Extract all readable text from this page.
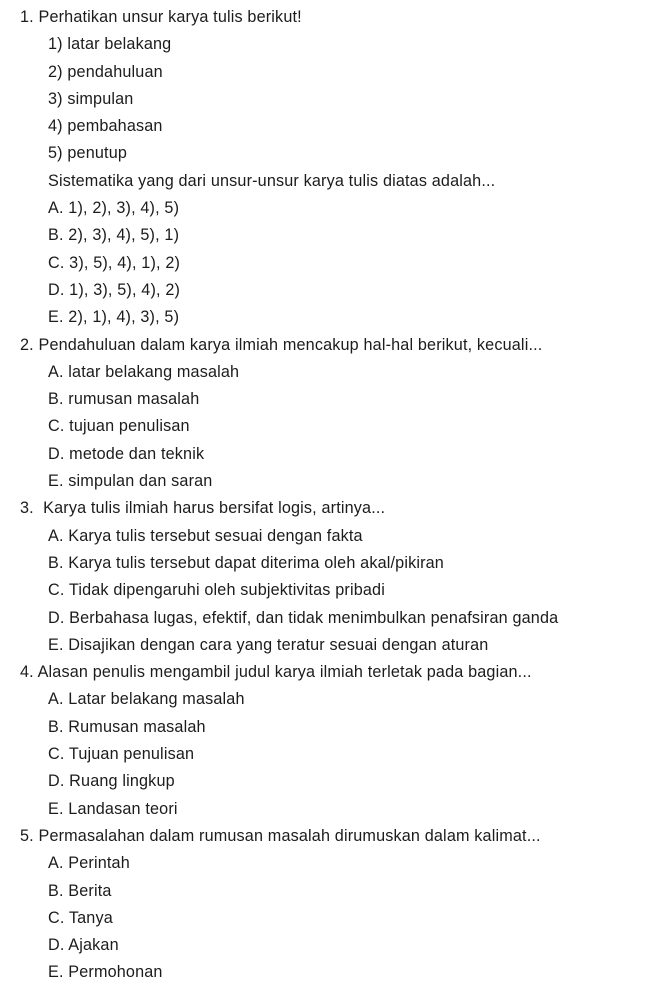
1. Perhatikan unsur karya tulis berikut!
1) latar belakang
2) pendahuluan
3) simpulan
4) pembahasan
5) penutup
Sistematika yang dari unsur-unsur karya tulis diatas adalah...
A. 1), 2), 3), 4), 5)
B. 2), 3), 4), 5), 1)
C. 3), 5), 4), 1), 2)
D. 1), 3), 5), 4), 2)
E. 2), 1), 4), 3), 5)
2. Pendahuluan dalam karya ilmiah mencakup hal-hal berikut, kecuali...
A. latar belakang masalah
B. rumusan masalah
C. tujuan penulisan
D. metode dan teknik
E. simpulan dan saran
3.  Karya tulis ilmiah harus bersifat logis, artinya...
A. Karya tulis tersebut sesuai dengan fakta
B. Karya tulis tersebut dapat diterima oleh akal/pikiran
C. Tidak dipengaruhi oleh subjektivitas pribadi
D. Berbahasa lugas, efektif, dan tidak menimbulkan penafsiran ganda
E. Disajikan dengan cara yang teratur sesuai dengan aturan
4. Alasan penulis mengambil judul karya ilmiah terletak pada bagian...
A. Latar belakang masalah
B. Rumusan masalah
C. Tujuan penulisan
D. Ruang lingkup
E. Landasan teori
5. Permasalahan dalam rumusan masalah dirumuskan dalam kalimat...
A. Perintah
B. Berita
C. Tanya
D. Ajakan
E. Permohonan
